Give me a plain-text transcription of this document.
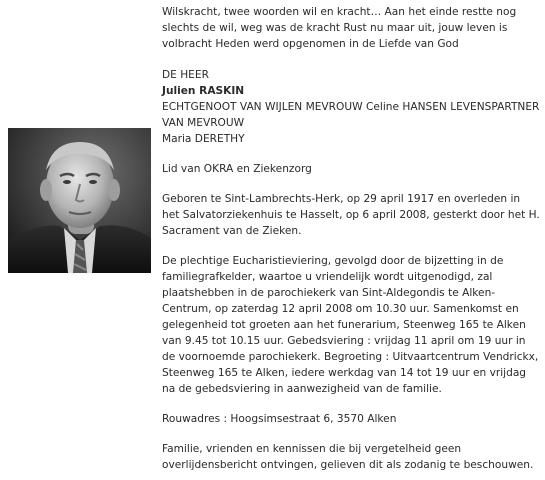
Wilskracht, twee woorden wil en kracht… Aan het einde restte nog slechts de wil, weg was de kracht Rust nu maar uit, jouw leven is volbracht Heden werd opgenomen in de Liefde van God

DE HEER

Julien RASKIN

ECHTGENOOT VAN WIJLEN MEVROUW Celine HANSEN LEVENSPARTNER VAN MEVROUW

Maria DERETHY

Lid van OKRA en Ziekenzorg

Geboren te Sint-Lambrechts-Herk, op 29 april 1917 en overleden in het Salvatorziekenhuis te Hasselt, op 6 april 2008, gesterkt door het H. Sacrament van de Zieken.

De plechtige Eucharistieviering, gevolgd door de bijzetting in de familiegrafkelder, waartoe u vriendelijk wordt uitgenodigd, zal plaatshebben in de parochiekerk van Sint-Aldegondis te Alken-Centrum, op zaterdag 12 april 2008 om 10.30 uur. Samenkomst en gelegenheid tot groeten aan het funerarium, Steenweg 165 te Alken van 9.45 tot 10.15 uur. Gebedsviering : vrijdag 11 april om 19 uur in de voornoemde parochiekerk. Begroeting : Uitvaartcentrum Vendrickx, Steenweg 165 te Alken, iedere werkdag van 14 tot 19 uur en vrijdag na de gebedsviering in aanwezigheid van de familie.

Rouwadres : Hoogsimsestraat 6, 3570 Alken

Familie, vrienden en kennissen die bij vergetelheid geen overlijdensbericht ontvingen, gelieven dit als zodanig te beschouwen.
